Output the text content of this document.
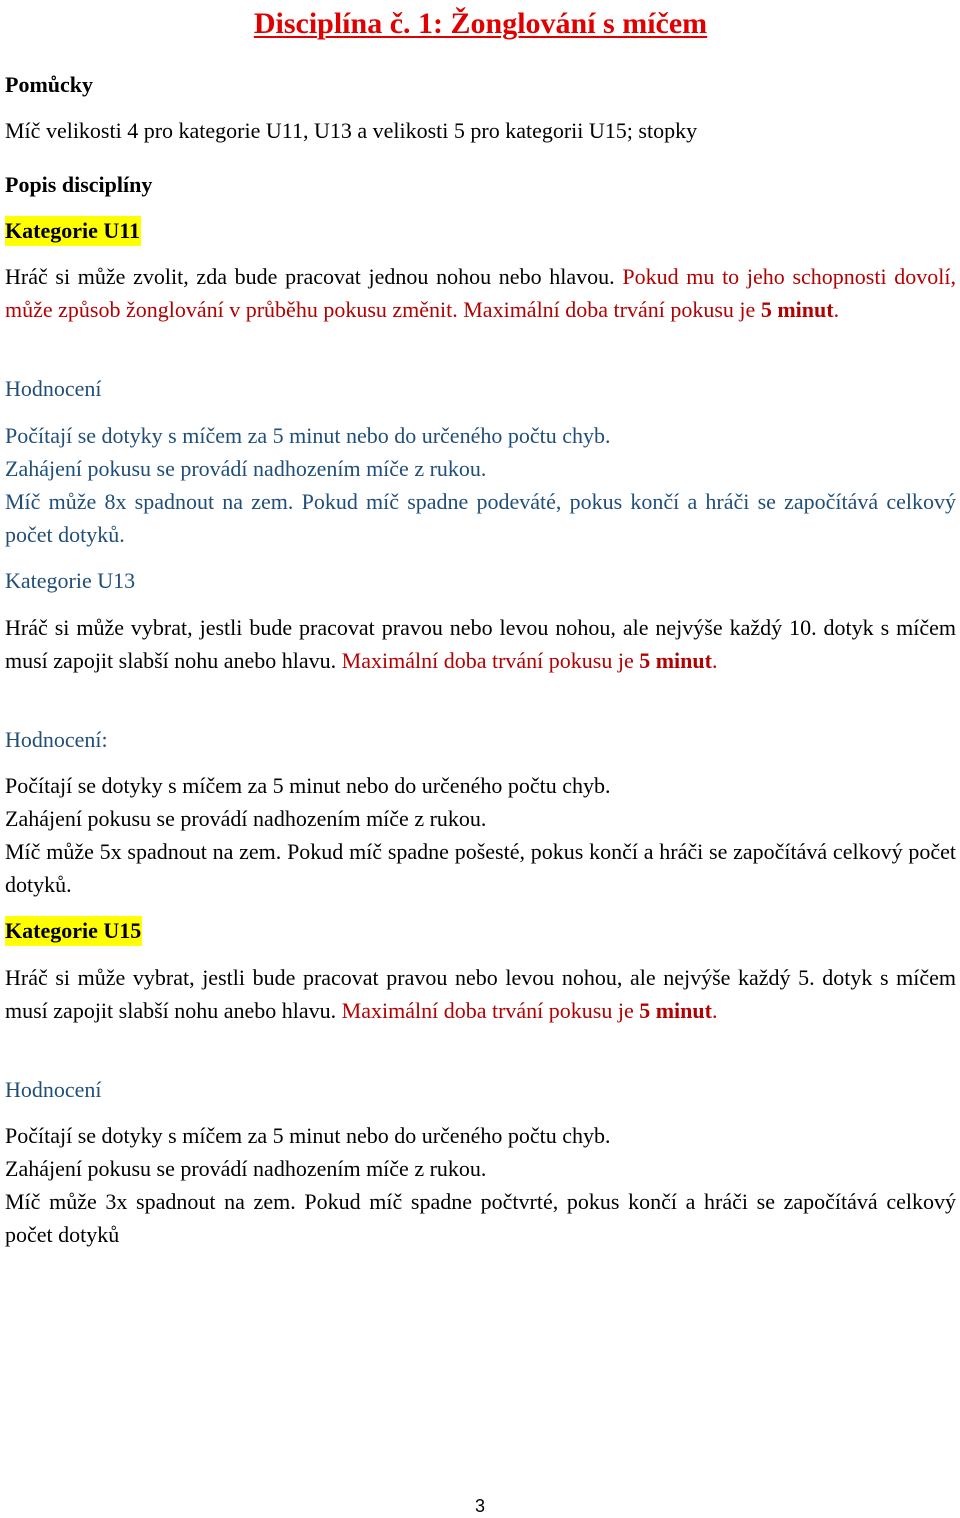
Disciplína č. 1: Žonglování s míčem
Pomůcky
Míč velikosti 4 pro kategorie U11, U13 a velikosti 5 pro kategorii U15; stopky
Popis disciplíny
Kategorie U11
Hráč si může zvolit, zda bude pracovat jednou nohou nebo hlavou. Pokud mu to jeho schopnosti dovolí, může způsob žonglování v průběhu pokusu změnit. Maximální doba trvání pokusu je 5 minut.
Hodnocení
Počítají se dotyky s míčem za 5 minut nebo do určeného počtu chyb.
Zahájení pokusu se provádí nadhozením míče z rukou.
Míč může 8x spadnout na zem. Pokud míč spadne podeváté, pokus končí a hráči se započítává celkový počet dotyků.
Kategorie U13
Hráč si může vybrat, jestli bude pracovat pravou nebo levou nohou, ale nejvýše každý 10. dotyk s míčem musí zapojit slabší nohu anebo hlavu. Maximální doba trvání pokusu je 5 minut.
Hodnocení:
Počítají se dotyky s míčem za 5 minut nebo do určeného počtu chyb.
Zahájení pokusu se provádí nadhozením míče z rukou.
Míč může 5x spadnout na zem. Pokud míč spadne pošesté, pokus končí a hráči se započítává celkový počet dotyků.
Kategorie U15
Hráč si může vybrat, jestli bude pracovat pravou nebo levou nohou, ale nejvýše každý 5. dotyk s míčem musí zapojit slabší nohu anebo hlavu. Maximální doba trvání pokusu je 5 minut.
Hodnocení
Počítají se dotyky s míčem za 5 minut nebo do určeného počtu chyb.
Zahájení pokusu se provádí nadhozením míče z rukou.
Míč může 3x spadnout na zem. Pokud míč spadne počtvrté, pokus končí a hráči se započítává celkový počet dotyků
3
